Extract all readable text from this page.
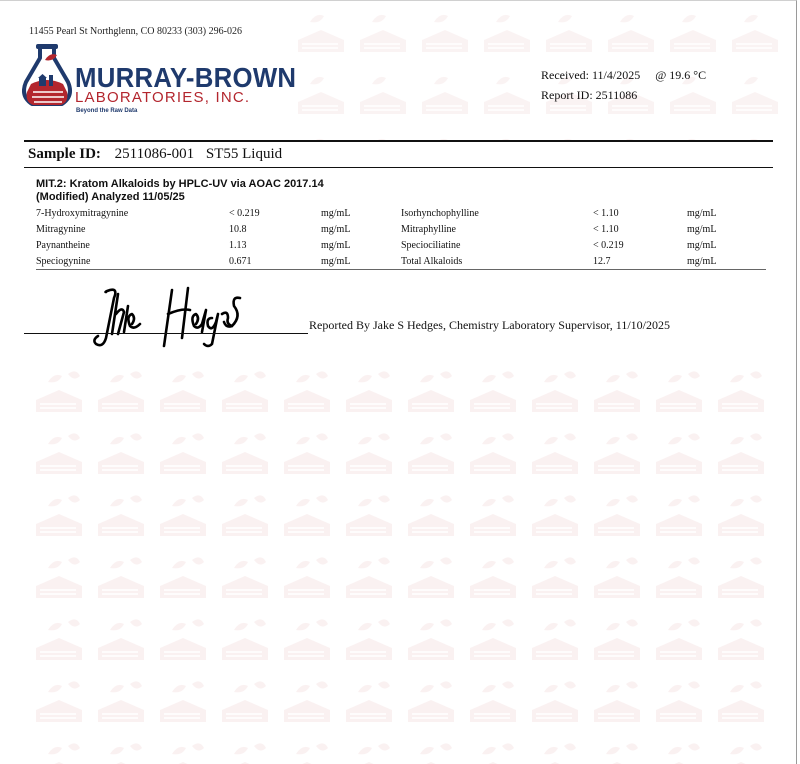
11455 Pearl St Northglenn, CO 80233 (303) 296-026
MURRAY-BROWN
LABORATORIES, INC.
Beyond the Raw Data
Received: 11/4/2025 @ 19.6 °C
Report ID: 2511086
Sample ID: 2511086-001 ST55 Liquid
MIT.2: Kratom Alkaloids by HPLC-UV via AOAC 2017.14
(Modified) Analyzed 11/05/25
7-Hydroxymitragynine	< 0.219	mg/mL	Isorhynchophylline	< 1.10	mg/mL
Mitragynine	10.8	mg/mL	Mitraphylline	< 1.10	mg/mL
Paynantheine	1.13	mg/mL	Speciociliatine	< 0.219	mg/mL
Speciogynine	0.671	mg/mL	Total Alkaloids	12.7	mg/mL
Reported By Jake S Hedges, Chemistry Laboratory Supervisor, 11/10/2025
